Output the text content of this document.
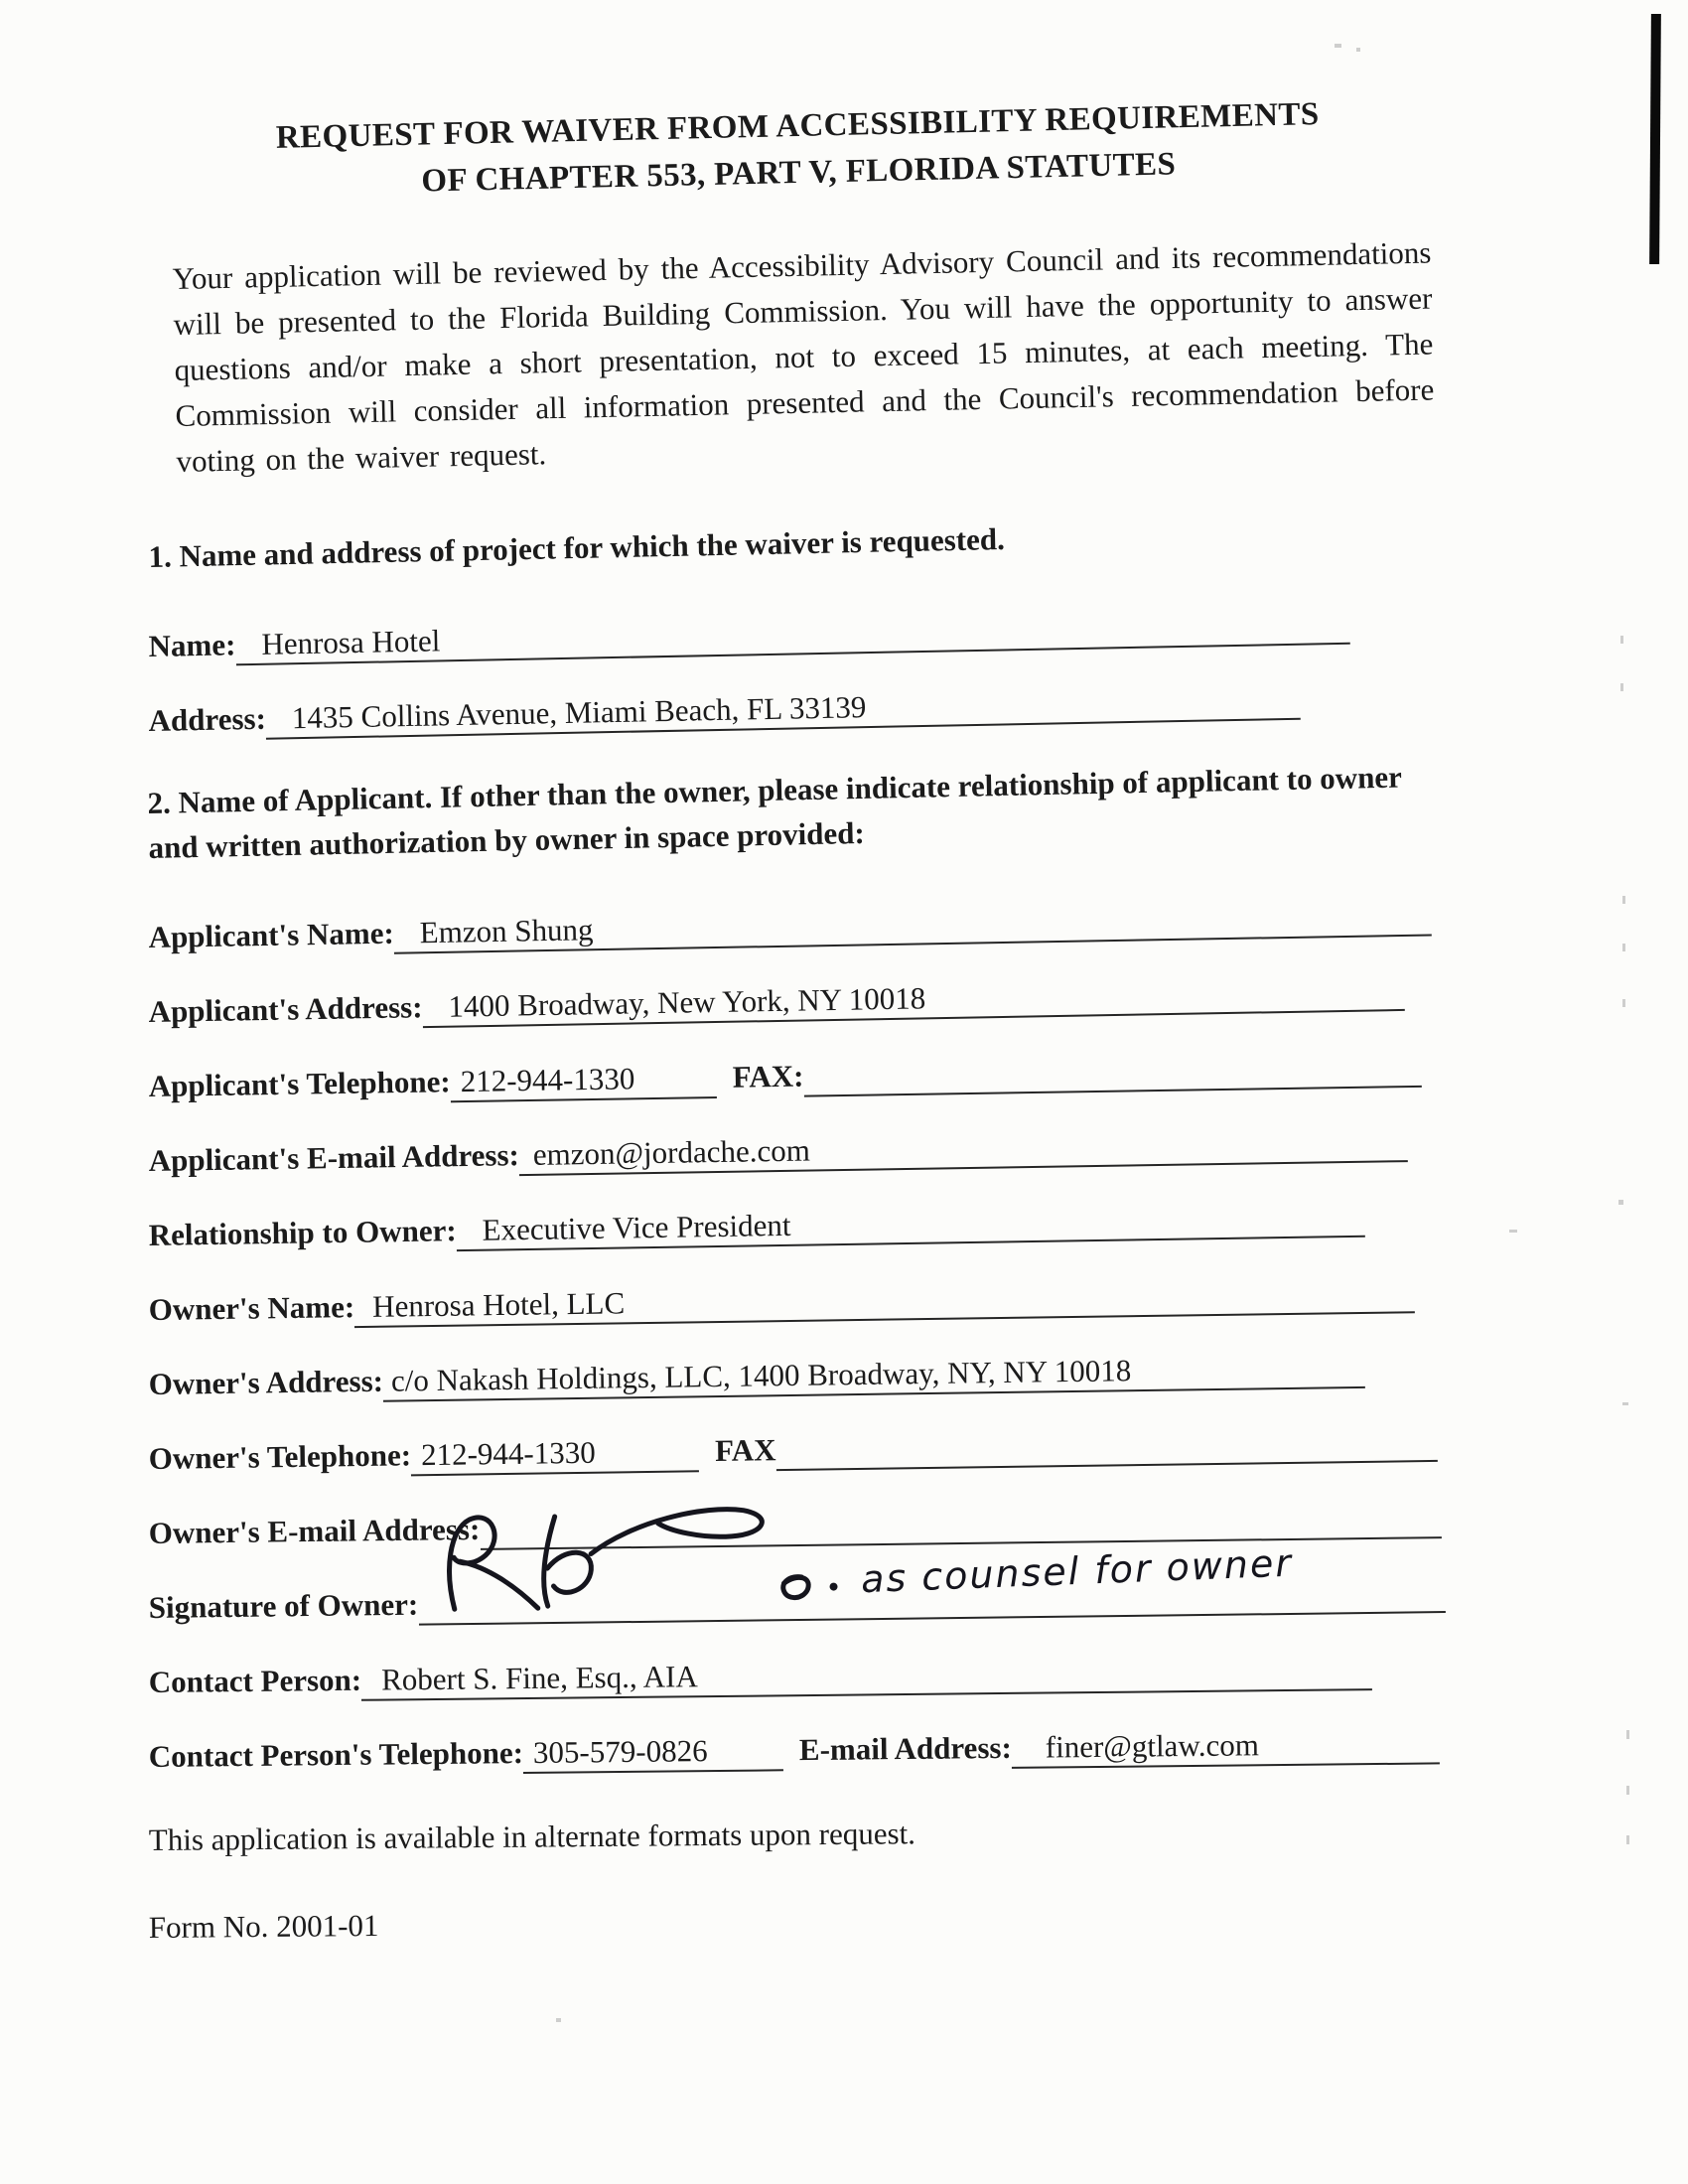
REQUEST FOR WAIVER FROM ACCESSIBILITY REQUIREMENTS
OF CHAPTER 553, PART V, FLORIDA STATUTES

Your application will be reviewed by the Accessibility Advisory Council and its recommendations will be presented to the Florida Building Commission. You will have the opportunity to answer questions and/or make a short presentation, not to exceed 15 minutes, at each meeting. The Commission will consider all information presented and the Council's recommendation before voting on the waiver request.

1. Name and address of project for which the waiver is requested.
Name: Henrosa Hotel
Address: 1435 Collins Avenue, Miami Beach, FL 33139
2. Name of Applicant. If other than the owner, please indicate relationship of applicant to owner and written authorization by owner in space provided:
Applicant's Name: Emzon Shung
Applicant's Address: 1400 Broadway, New York, NY 10018
Applicant's Telephone: 212-944-1330	FAX:
Applicant's E-mail Address: emzon@jordache.com
Relationship to Owner: Executive Vice President
Owner's Name: Henrosa Hotel, LLC
Owner's Address: c/o Nakash Holdings, LLC, 1400 Broadway, NY, NY 10018
Owner's Telephone: 212-944-1330	FAX
Owner's E-mail Address:
Signature of Owner:
as counsel for owner
Contact Person: Robert S. Fine, Esq., AIA
Contact Person's Telephone: 305-579-0826	E-mail Address:	finer@gtlaw.com
This application is available in alternate formats upon request.
Form No. 2001-01
